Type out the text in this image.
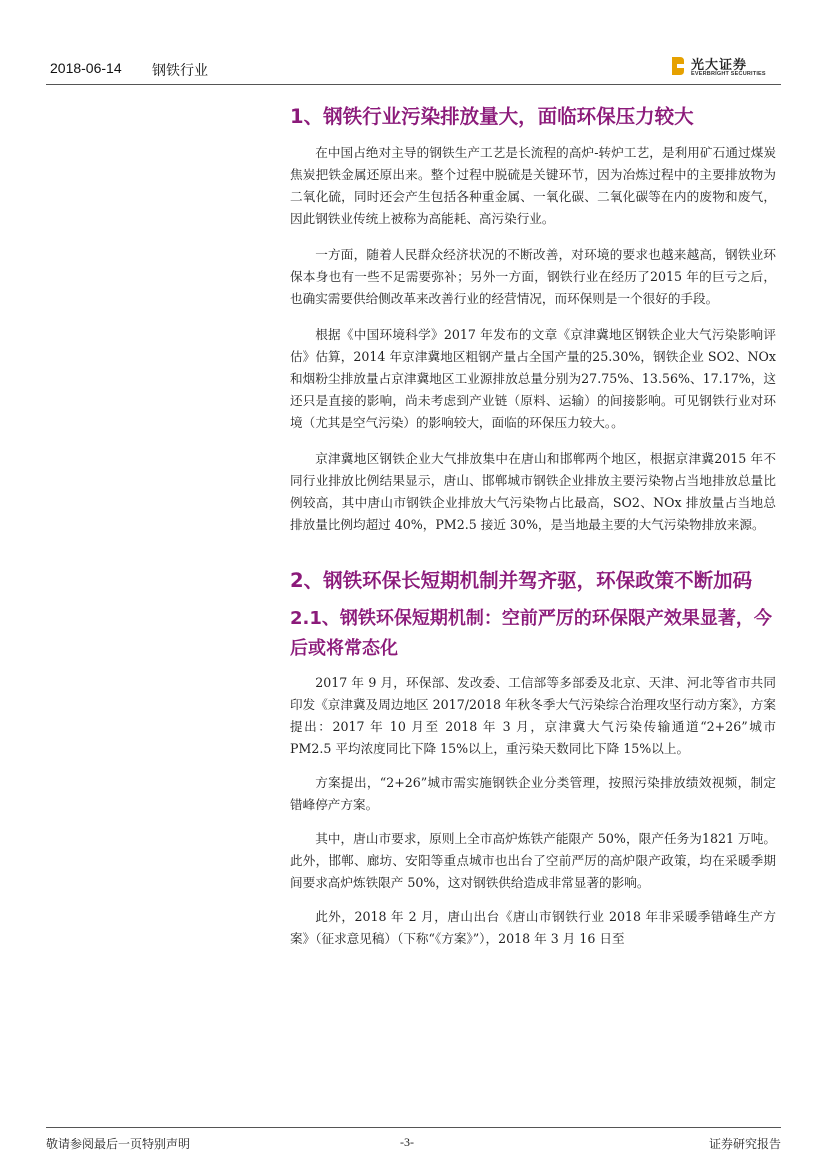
2018-06-14 钢铁行业	光大证券
EVERBRIGHT SECURITIES
1、钢铁行业污染排放量大，面临环保压力较大

在中国占绝对主导的钢铁生产工艺是长流程的高炉-转炉工艺，是利用矿石通过煤炭焦炭把铁金属还原出来。整个过程中脱硫是关键环节，因为冶炼过程中的主要排放物为二氧化硫，同时还会产生包括各种重金属、一氧化碳、二氧化碳等在内的废物和废气，因此钢铁业传统上被称为高能耗、高污染行业。

一方面，随着人民群众经济状况的不断改善，对环境的要求也越来越高，钢铁业环保本身也有一些不足需要弥补；另外一方面，钢铁行业在经历了2015 年的巨亏之后，也确实需要供给侧改革来改善行业的经营情况，而环保则是一个很好的手段。

根据《中国环境科学》2017 年发布的文章《京津冀地区钢铁企业大气污染影响评估》估算，2014 年京津冀地区粗钢产量占全国产量的25.30%，钢铁企业 SO2、NOx 和烟粉尘排放量占京津冀地区工业源排放总量分别为27.75%、13.56%、17.17%，这还只是直接的影响，尚未考虑到产业链（原料、运输）的间接影响。可见钢铁行业对环境（尤其是空气污染）的影响较大，面临的环保压力较大。。

京津冀地区钢铁企业大气排放集中在唐山和邯郸两个地区，根据京津冀2015 年不同行业排放比例结果显示，唐山、邯郸城市钢铁企业排放主要污染物占当地排放总量比例较高，其中唐山市钢铁企业排放大气污染物占比最高，SO2、NOx 排放量占当地总排放量比例均超过 40%，PM2.5 接近 30%，是当地最主要的大气污染物排放来源。

2、钢铁环保长短期机制并驾齐驱，环保政策不断加码
2.1、钢铁环保短期机制：空前严厉的环保限产效果显著，今后或将常态化

2017 年 9 月，环保部、发改委、工信部等多部委及北京、天津、河北等省市共同印发《京津冀及周边地区 2017/2018 年秋冬季大气污染综合治理攻坚行动方案》，方案提出：2017 年 10 月至 2018 年 3 月，京津冀大气污染传输通道“2+26”城市 PM2.5 平均浓度同比下降 15%以上，重污染天数同比下降 15%以上。

方案提出，“2+26”城市需实施钢铁企业分类管理，按照污染排放绩效视频，制定错峰停产方案。

其中，唐山市要求，原则上全市高炉炼铁产能限产 50%，限产任务为1821 万吨。此外，邯郸、廊坊、安阳等重点城市也出台了空前严厉的高炉限产政策，均在采暖季期间要求高炉炼铁限产 50%，这对钢铁供给造成非常显著的影响。

此外，2018 年 2 月，唐山出台《唐山市钢铁行业 2018 年非采暖季错峰生产方案》（征求意见稿）（下称“《方案》”），2018 年 3 月 16 日至

敬请参阅最后一页特别声明	-3-	证券研究报告
